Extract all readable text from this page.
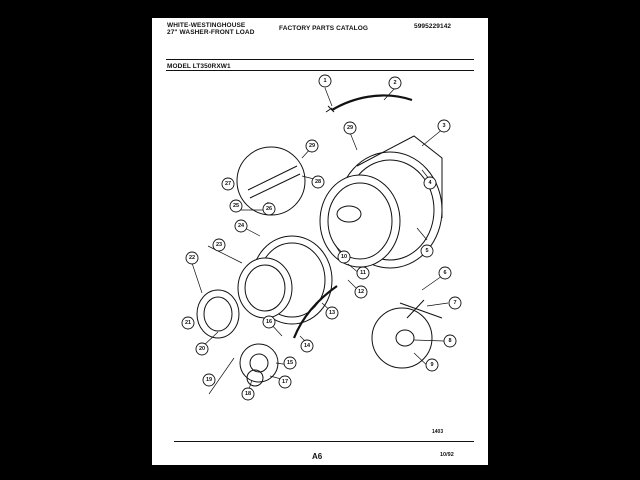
WHITE-WESTINGHOUSE
27" WASHER-FRONT LOAD
FACTORY PARTS CATALOG	5995229142
MODEL LT350RXW1
1	2
3
4
5
6
7
8
9
10
11
12
13
14
15
16
17
18
19
20
21
22
23
24
25	26
27	28
29
29
1403
A6	10/92
